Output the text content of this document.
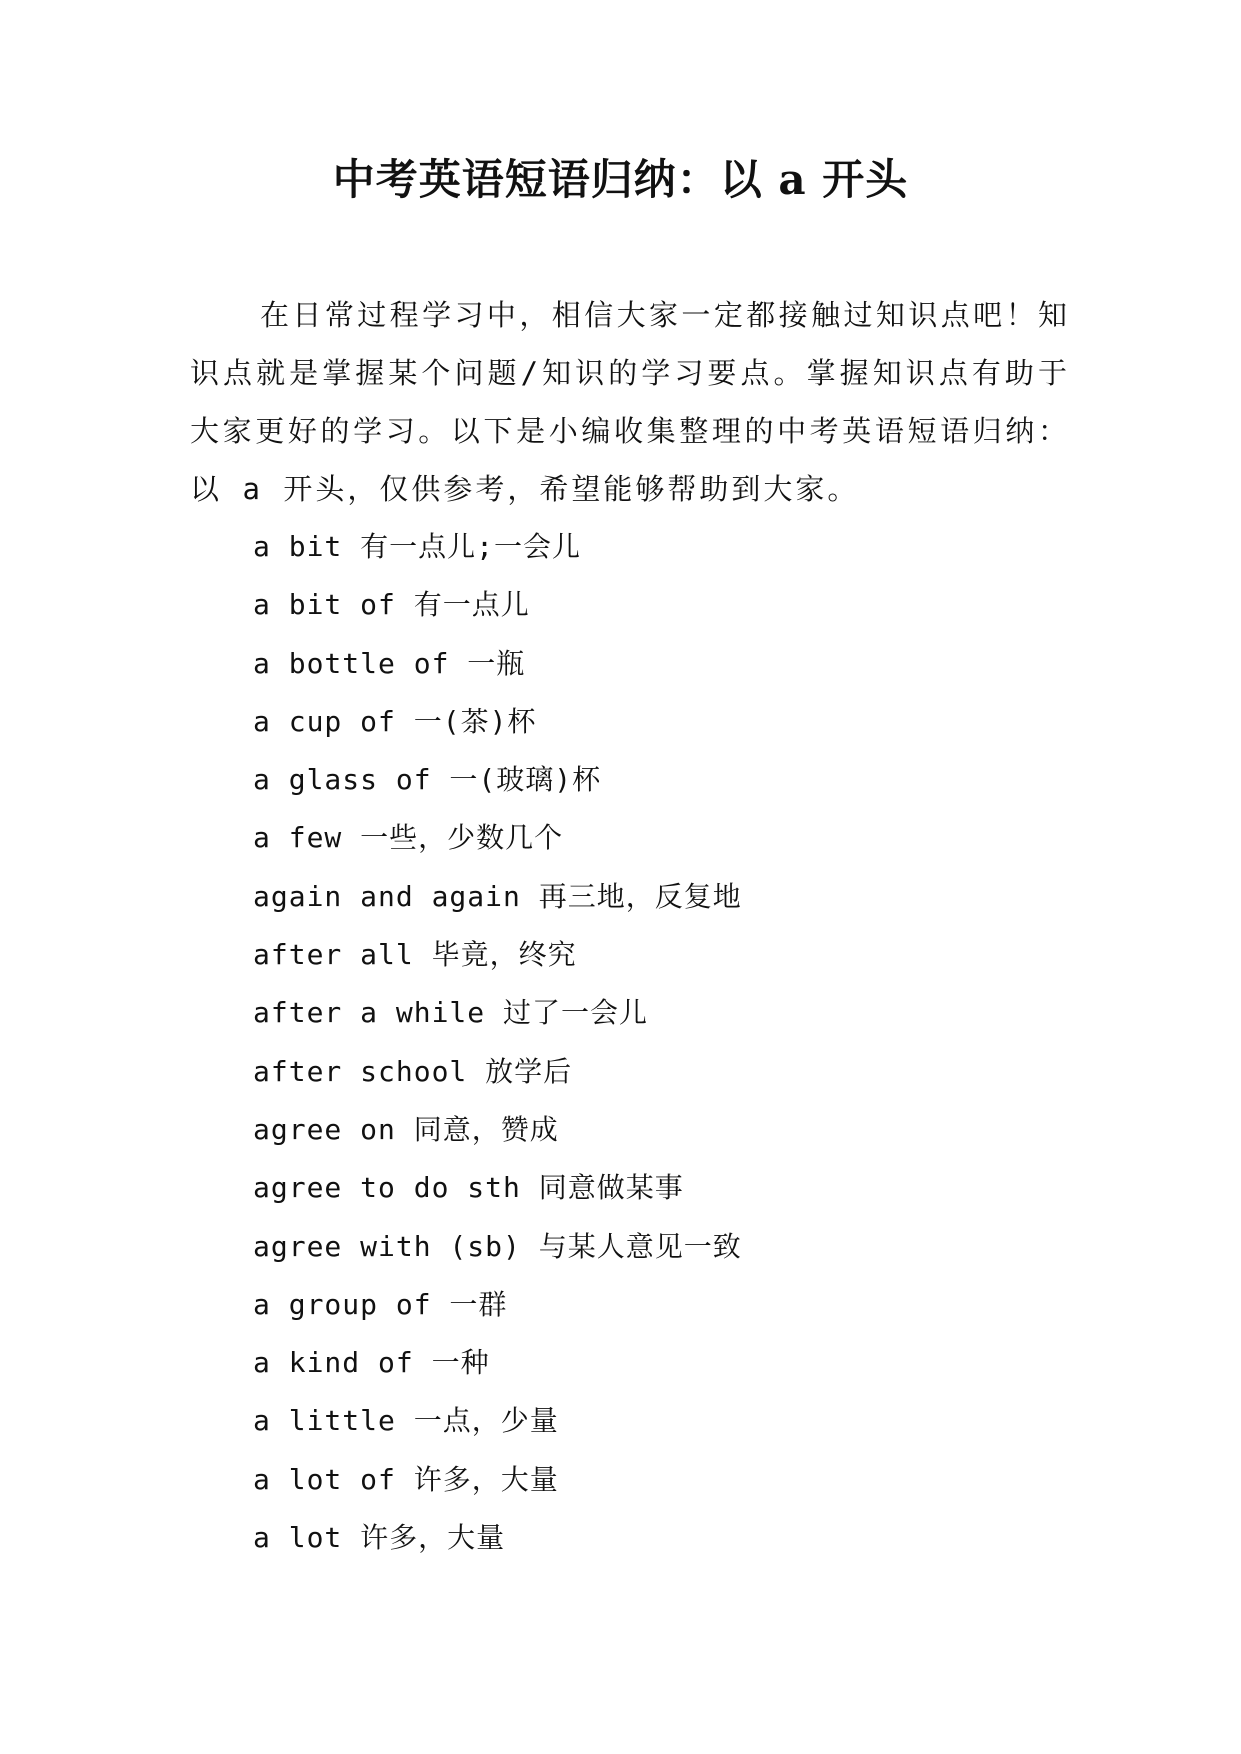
中考英语短语归纳：以 a 开头

在日常过程学习中，相信大家一定都接触过知识点吧！知识点就是掌握某个问题/知识的学习要点。掌握知识点有助于大家更好的学习。以下是小编收集整理的中考英语短语归纳：以 a 开头，仅供参考，希望能够帮助到大家。

a bit 有一点儿;一会儿
a bit of 有一点儿
a bottle of 一瓶
a cup of 一(茶)杯
a glass of 一(玻璃)杯
a few 一些，少数几个
again and again 再三地，反复地
after all 毕竟，终究
after a while 过了一会儿
after school 放学后
agree on 同意，赞成
agree to do sth 同意做某事
agree with (sb) 与某人意见一致
a group of 一群
a kind of 一种
a little 一点，少量
a lot of 许多，大量
a lot 许多，大量
